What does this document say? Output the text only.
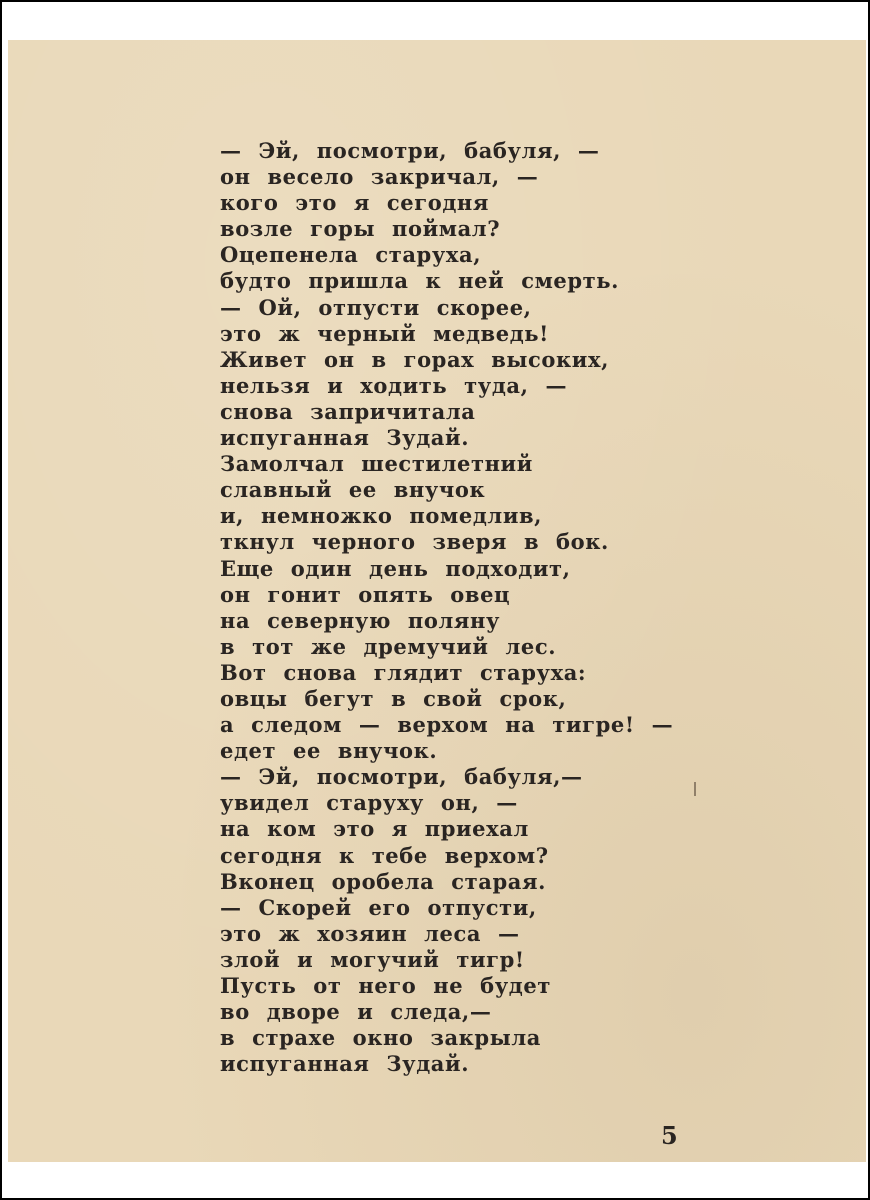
— Эй, посмотри, бабуля, —
он весело закричал, —
кого это я сегодня
возле горы поймал?
Оцепенела старуха,
будто пришла к ней смерть.
— Ой, отпусти скорее,
это ж черный медведь!
Живет он в горах высоких,
нельзя и ходить туда, —
снова запричитала
испуганная Зудай.
Замолчал шестилетний
славный ее внучок
и, немножко помедлив,
ткнул черного зверя в бок.
Еще один день подходит,
он гонит опять овец
на северную поляну
в тот же дремучий лес.
Вот снова глядит старуха:
овцы бегут в свой срок,
а следом — верхом на тигре! —
едет ее внучок.
— Эй, посмотри, бабуля,—
увидел старуху он, —
на ком это я приехал
сегодня к тебе верхом?
Вконец оробела старая.
— Скорей его отпусти,
это ж хозяин леса —
злой и могучий тигр!
Пусть от него не будет
во дворе и следа,—
в страхе окно закрыла
испуганная Зудай.
5
